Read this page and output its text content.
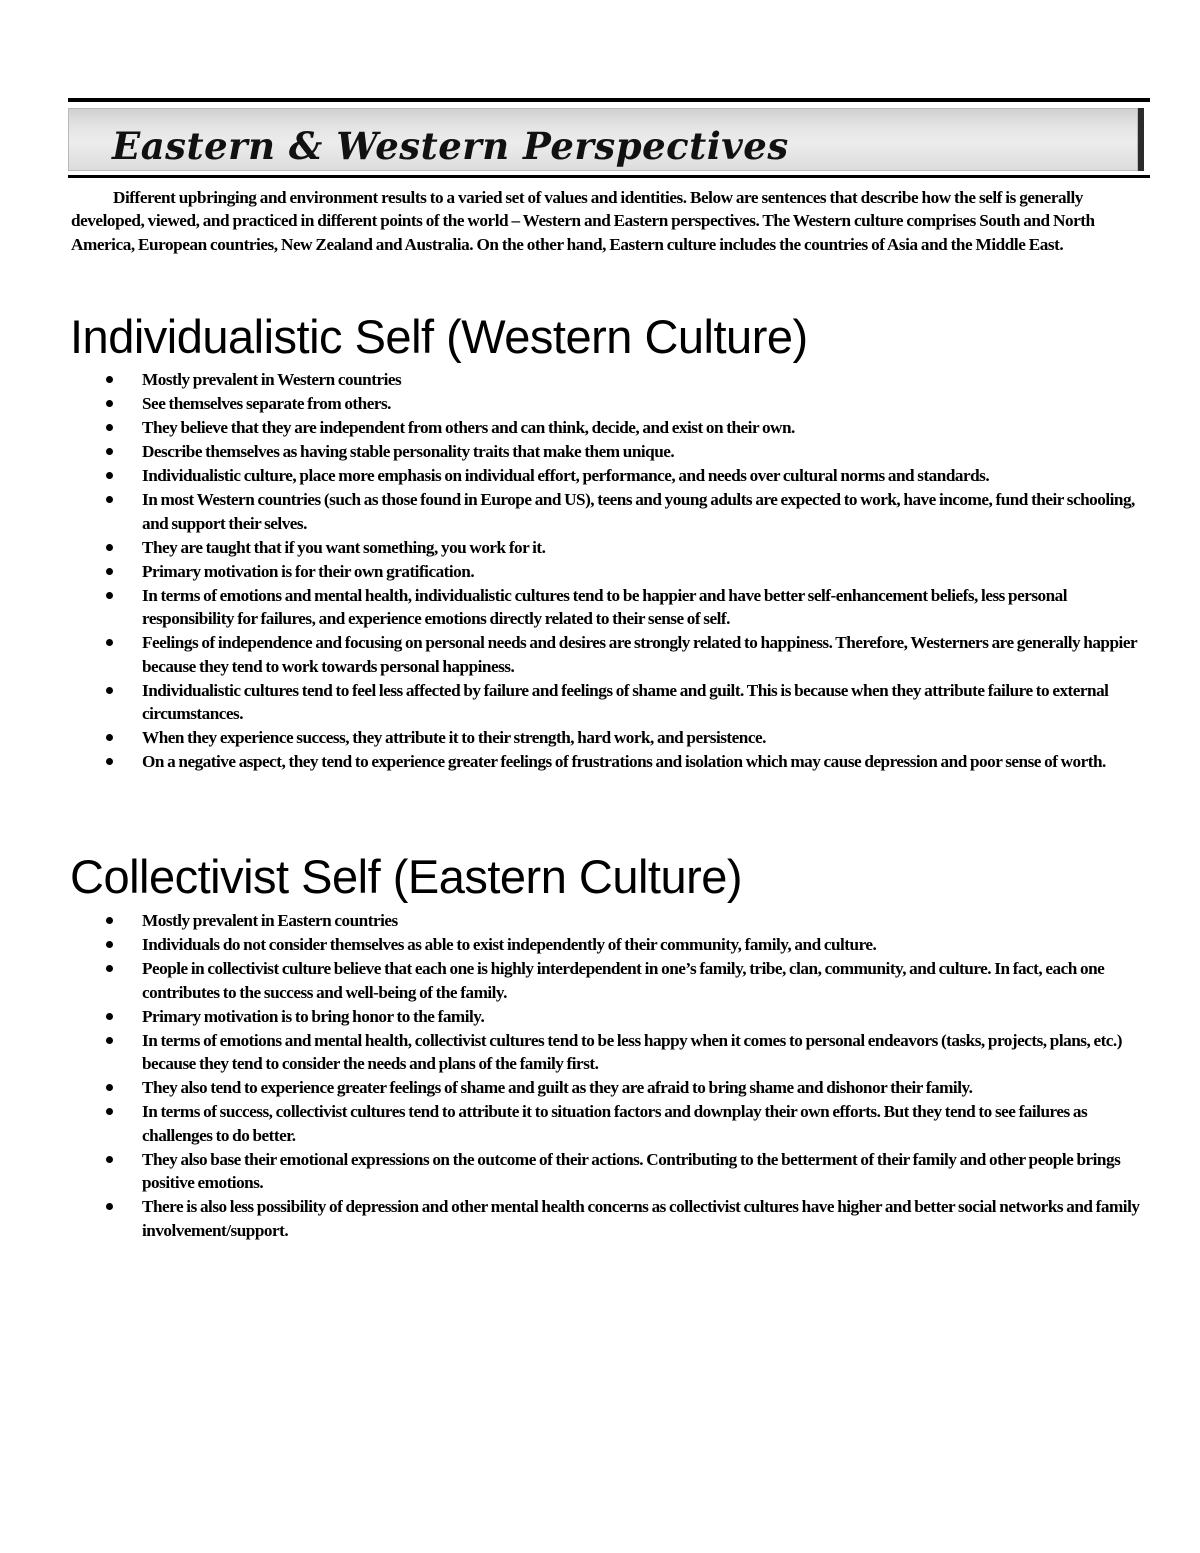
Eastern & Western Perspectives

Different upbringing and environment results to a varied set of values and identities. Below are sentences that describe how the self is generally developed, viewed, and practiced in different points of the world – Western and Eastern perspectives. The Western culture comprises South and North America, European countries, New Zealand and Australia. On the other hand, Eastern culture includes the countries of Asia and the Middle East.

Individualistic Self (Western Culture)
Mostly prevalent in Western countries
See themselves separate from others.
They believe that they are independent from others and can think, decide, and exist on their own.
Describe themselves as having stable personality traits that make them unique.
Individualistic culture, place more emphasis on individual effort, performance, and needs over cultural norms and standards.
In most Western countries (such as those found in Europe and US), teens and young adults are expected to work, have income, fund their schooling, and support their selves.
They are taught that if you want something, you work for it.
Primary motivation is for their own gratification.
In terms of emotions and mental health, individualistic cultures tend to be happier and have better self-enhancement beliefs, less personal responsibility for failures, and experience emotions directly related to their sense of self.
Feelings of independence and focusing on personal needs and desires are strongly related to happiness. Therefore, Westerners are generally happier because they tend to work towards personal happiness.
Individualistic cultures tend to feel less affected by failure and feelings of shame and guilt. This is because when they attribute failure to external circumstances.
When they experience success, they attribute it to their strength, hard work, and persistence.
On a negative aspect, they tend to experience greater feelings of frustrations and isolation which may cause depression and poor sense of worth.
Collectivist Self (Eastern Culture)
Mostly prevalent in Eastern countries
Individuals do not consider themselves as able to exist independently of their community, family, and culture.
People in collectivist culture believe that each one is highly interdependent in one’s family, tribe, clan, community, and culture. In fact, each one contributes to the success and well-being of the family.
Primary motivation is to bring honor to the family.
In terms of emotions and mental health, collectivist cultures tend to be less happy when it comes to personal endeavors (tasks, projects, plans, etc.) because they tend to consider the needs and plans of the family first.
They also tend to experience greater feelings of shame and guilt as they are afraid to bring shame and dishonor their family.
In terms of success, collectivist cultures tend to attribute it to situation factors and downplay their own efforts. But they tend to see failures as challenges to do better.
They also base their emotional expressions on the outcome of their actions. Contributing to the betterment of their family and other people brings positive emotions.
There is also less possibility of depression and other mental health concerns as collectivist cultures have higher and better social networks and family involvement/support.
